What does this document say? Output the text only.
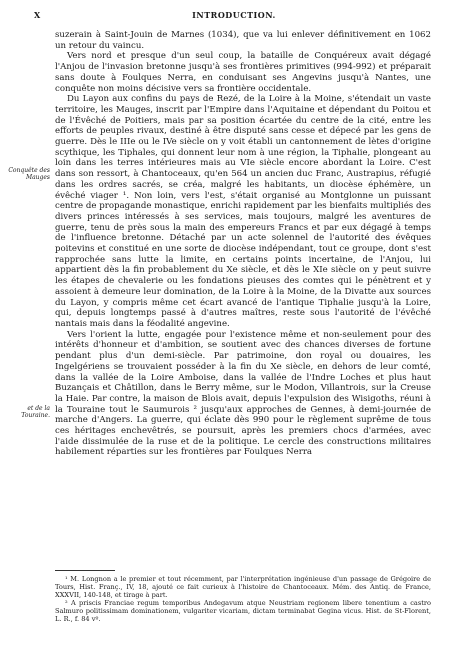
X	INTRODUCTION.
Conquête des Mauges
et de la Touraine.

suzerain à Saint-Jouin de Marnes (1034), que va lui enlever définitivement en 1062 un retour du vaincu.

Vers nord et presque d'un seul coup, la bataille de Conquéreux avait dégagé l'Anjou de l'invasion bretonne jusqu'à ses frontières primitives (994-992) et préparait sans doute à Foulques Nerra, en conduisant ses Angevins jusqu'à Nantes, une conquête non moins décisive vers sa frontière occidentale.

Du Layon aux confins du pays de Rezé, de la Loire à la Moine, s'étendait un vaste territoire, les Mauges, inscrit par l'Empire dans l'Aquitaine et dépendant du Poitou et de l'Évêché de Poitiers, mais par sa position écartée du centre de la cité, entre les efforts de peuples rivaux, destiné à être disputé sans cesse et dépecé par les gens de guerre. Dès le IIIe ou le IVe siècle on y voit établi un cantonnement de lètes d'origine scythique, les Tiphales, qui donnent leur nom à une région, la Tiphalie, plongeant au loin dans les terres intérieures mais au VIe siècle encore abordant la Loire. C'est dans son ressort, à Chantoceaux, qu'en 564 un ancien duc Franc, Austrapius, réfugié dans les ordres sacrés, se créa, malgré les habitants, un diocèse éphémère, un évêché viager ¹. Non loin, vers l'est, s'était organisé au Montglonne un puissant centre de propagande monastique, enrichi rapidement par les bienfaits multipliés des divers princes intéressés à ses services, mais toujours, malgré les aventures de guerre, tenu de près sous la main des empereurs Francs et par eux dégagé à temps de l'influence bretonne. Détaché par un acte solennel de l'autorité des évêques poitevins et constitué en une sorte de diocèse indépendant, tout ce groupe, dont s'est rapprochée sans lutte la limite, en certains points incertaine, de l'Anjou, lui appartient dès la fin probablement du Xe siècle, et dès le XIe siècle on y peut suivre les étapes de chevalerie ou les fondations pieuses des comtes qui le pénètrent et y assoient à demeure leur domination, de la Loire à la Moine, de la Divatte aux sources du Layon, y compris même cet écart avancé de l'antique Tiphalie jusqu'à la Loire, qui, depuis longtemps passé à d'autres maîtres, reste sous l'autorité de l'évêché nantais mais dans la féodalité angevine.

Vers l'orient la lutte, engagée pour l'existence même et non-seulement pour des intérêts d'honneur et d'ambition, se soutient avec des chances diverses de fortune pendant plus d'un demi-siècle. Par patrimoine, don royal ou douaires, les Ingelgériens se trouvaient posséder à la fin du Xe siècle, en dehors de leur comté, dans la vallée de la Loire Amboise, dans la vallée de l'Indre Loches et plus haut Buzançais et Châtillon, dans le Berry même, sur le Modon, Villantrois, sur la Creuse la Haie. Par contre, la maison de Blois avait, depuis l'expulsion des Wisigoths, réuni à la Touraine tout le Saumurois ² jusqu'aux approches de Gennes, à demi-journée de marche d'Angers. La guerre, qui éclate dès 990 pour le règlement suprême de tous ces héritages enchevêtrés, se poursuit, après les premiers chocs d'armées, avec l'aide dissimulée de la ruse et de la politique. Le cercle des constructions militaires habilement réparties sur les frontières par Foulques Nerra

¹ M. Longnon a le premier et tout récemment, par l'interprétation ingénieuse d'un passage de Grégoire de Tours, Hist. Franç., IV, 18, ajouté ce fait curieux à l'histoire de Chantoceaux. Mém. des Antiq. de France, XXXVII, 140-148, et tirage à part.

² A priscis Franciae regum temporibus Andegavum atque Neustriam regionem libere tenentium a castro Salmuro politissimam dominationem, vulgariter vicariam, dictam terminabat Gegina vicus. Hist. de St-Florent, L. R., f. 84 vº.
